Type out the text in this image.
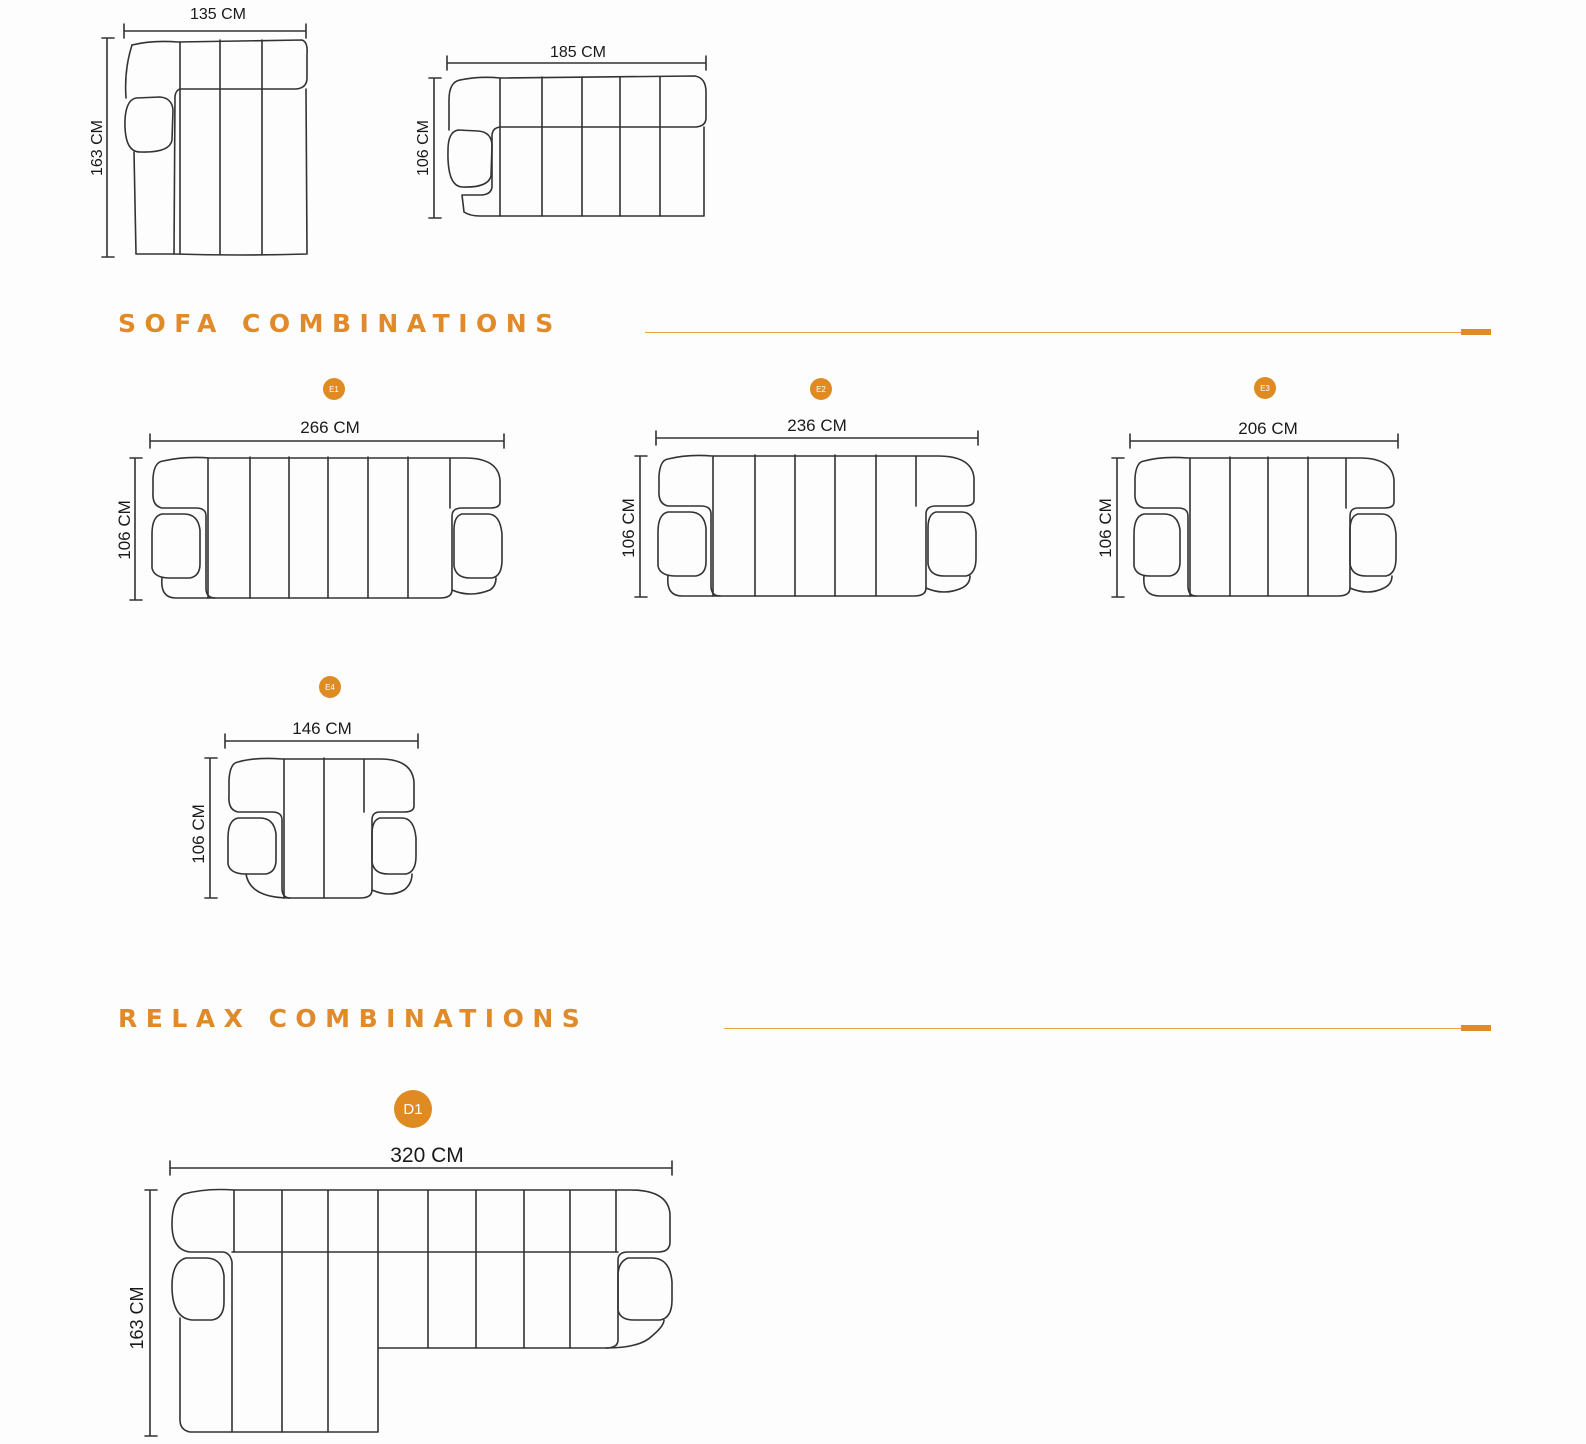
135 CM
163 CM
185 CM
106 CM
266 CM
106 CM
236 CM
106 CM
206 CM
106 CM
146 CM
106 CM
320 CM
163 CM
SOFA COMBINATIONS
RELAX COMBINATIONS
E1	E2	E3
E4
D1
